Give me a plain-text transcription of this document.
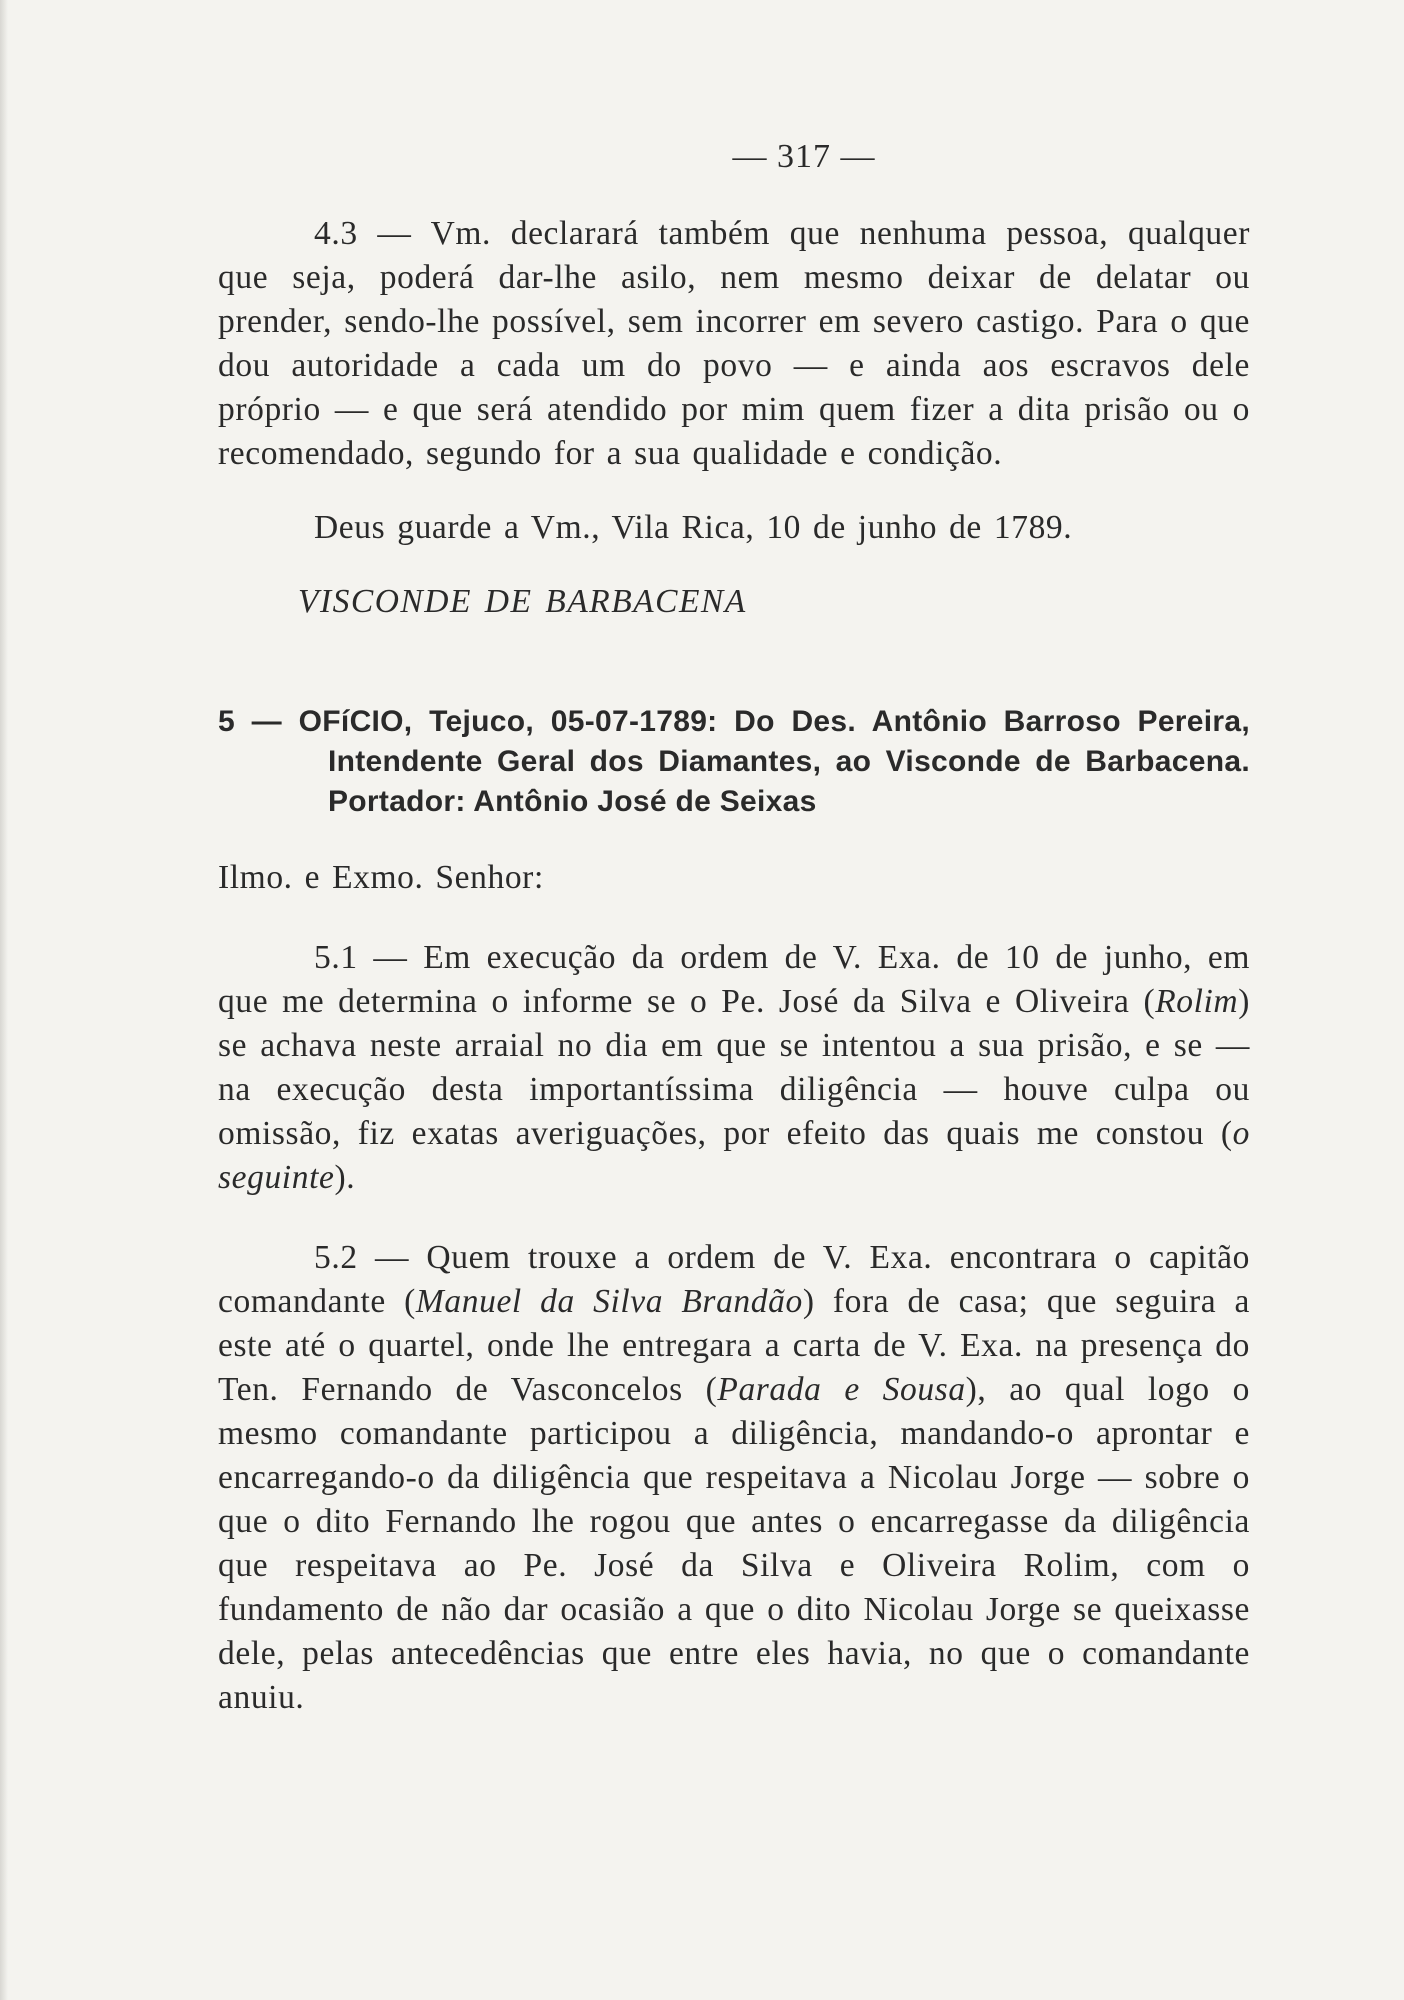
— 317 —

4.3 — Vm. declarará também que nenhuma pessoa, qualquer que seja, poderá dar-lhe asilo, nem mesmo deixar de delatar ou prender, sendo-lhe possível, sem incorrer em severo castigo. Para o que dou autoridade a cada um do povo — e ainda aos escravos dele próprio — e que será atendido por mim quem fizer a dita prisão ou o recomendado, segundo for a sua qualidade e condição.

Deus guarde a Vm., Vila Rica, 10 de junho de 1789.

VISCONDE DE BARBACENA

5 — OFíCIO, Tejuco, 05-07-1789: Do Des. Antônio Barroso Pereira, Intendente Geral dos Diamantes, ao Visconde de Barbacena. Portador: Antônio José de Seixas

Ilmo. e Exmo. Senhor:

5.1 — Em execução da ordem de V. Exa. de 10 de junho, em que me determina o informe se o Pe. José da Silva e Oliveira (Rolim) se achava neste arraial no dia em que se intentou a sua prisão, e se — na execução desta importantíssima diligência — houve culpa ou omissão, fiz exatas averiguações, por efeito das quais me constou (o seguinte).

5.2 — Quem trouxe a ordem de V. Exa. encontrara o capitão comandante (Manuel da Silva Brandão) fora de casa; que seguira a este até o quartel, onde lhe entregara a carta de V. Exa. na presença do Ten. Fernando de Vasconcelos (Parada e Sousa), ao qual logo o mesmo comandante participou a diligência, mandando-o aprontar e encarregando-o da diligência que respeitava a Nicolau Jorge — sobre o que o dito Fernando lhe rogou que antes o encarregasse da diligência que respeitava ao Pe. José da Silva e Oliveira Rolim, com o fundamento de não dar ocasião a que o dito Nicolau Jorge se queixasse dele, pelas antecedências que entre eles havia, no que o comandante anuiu.
